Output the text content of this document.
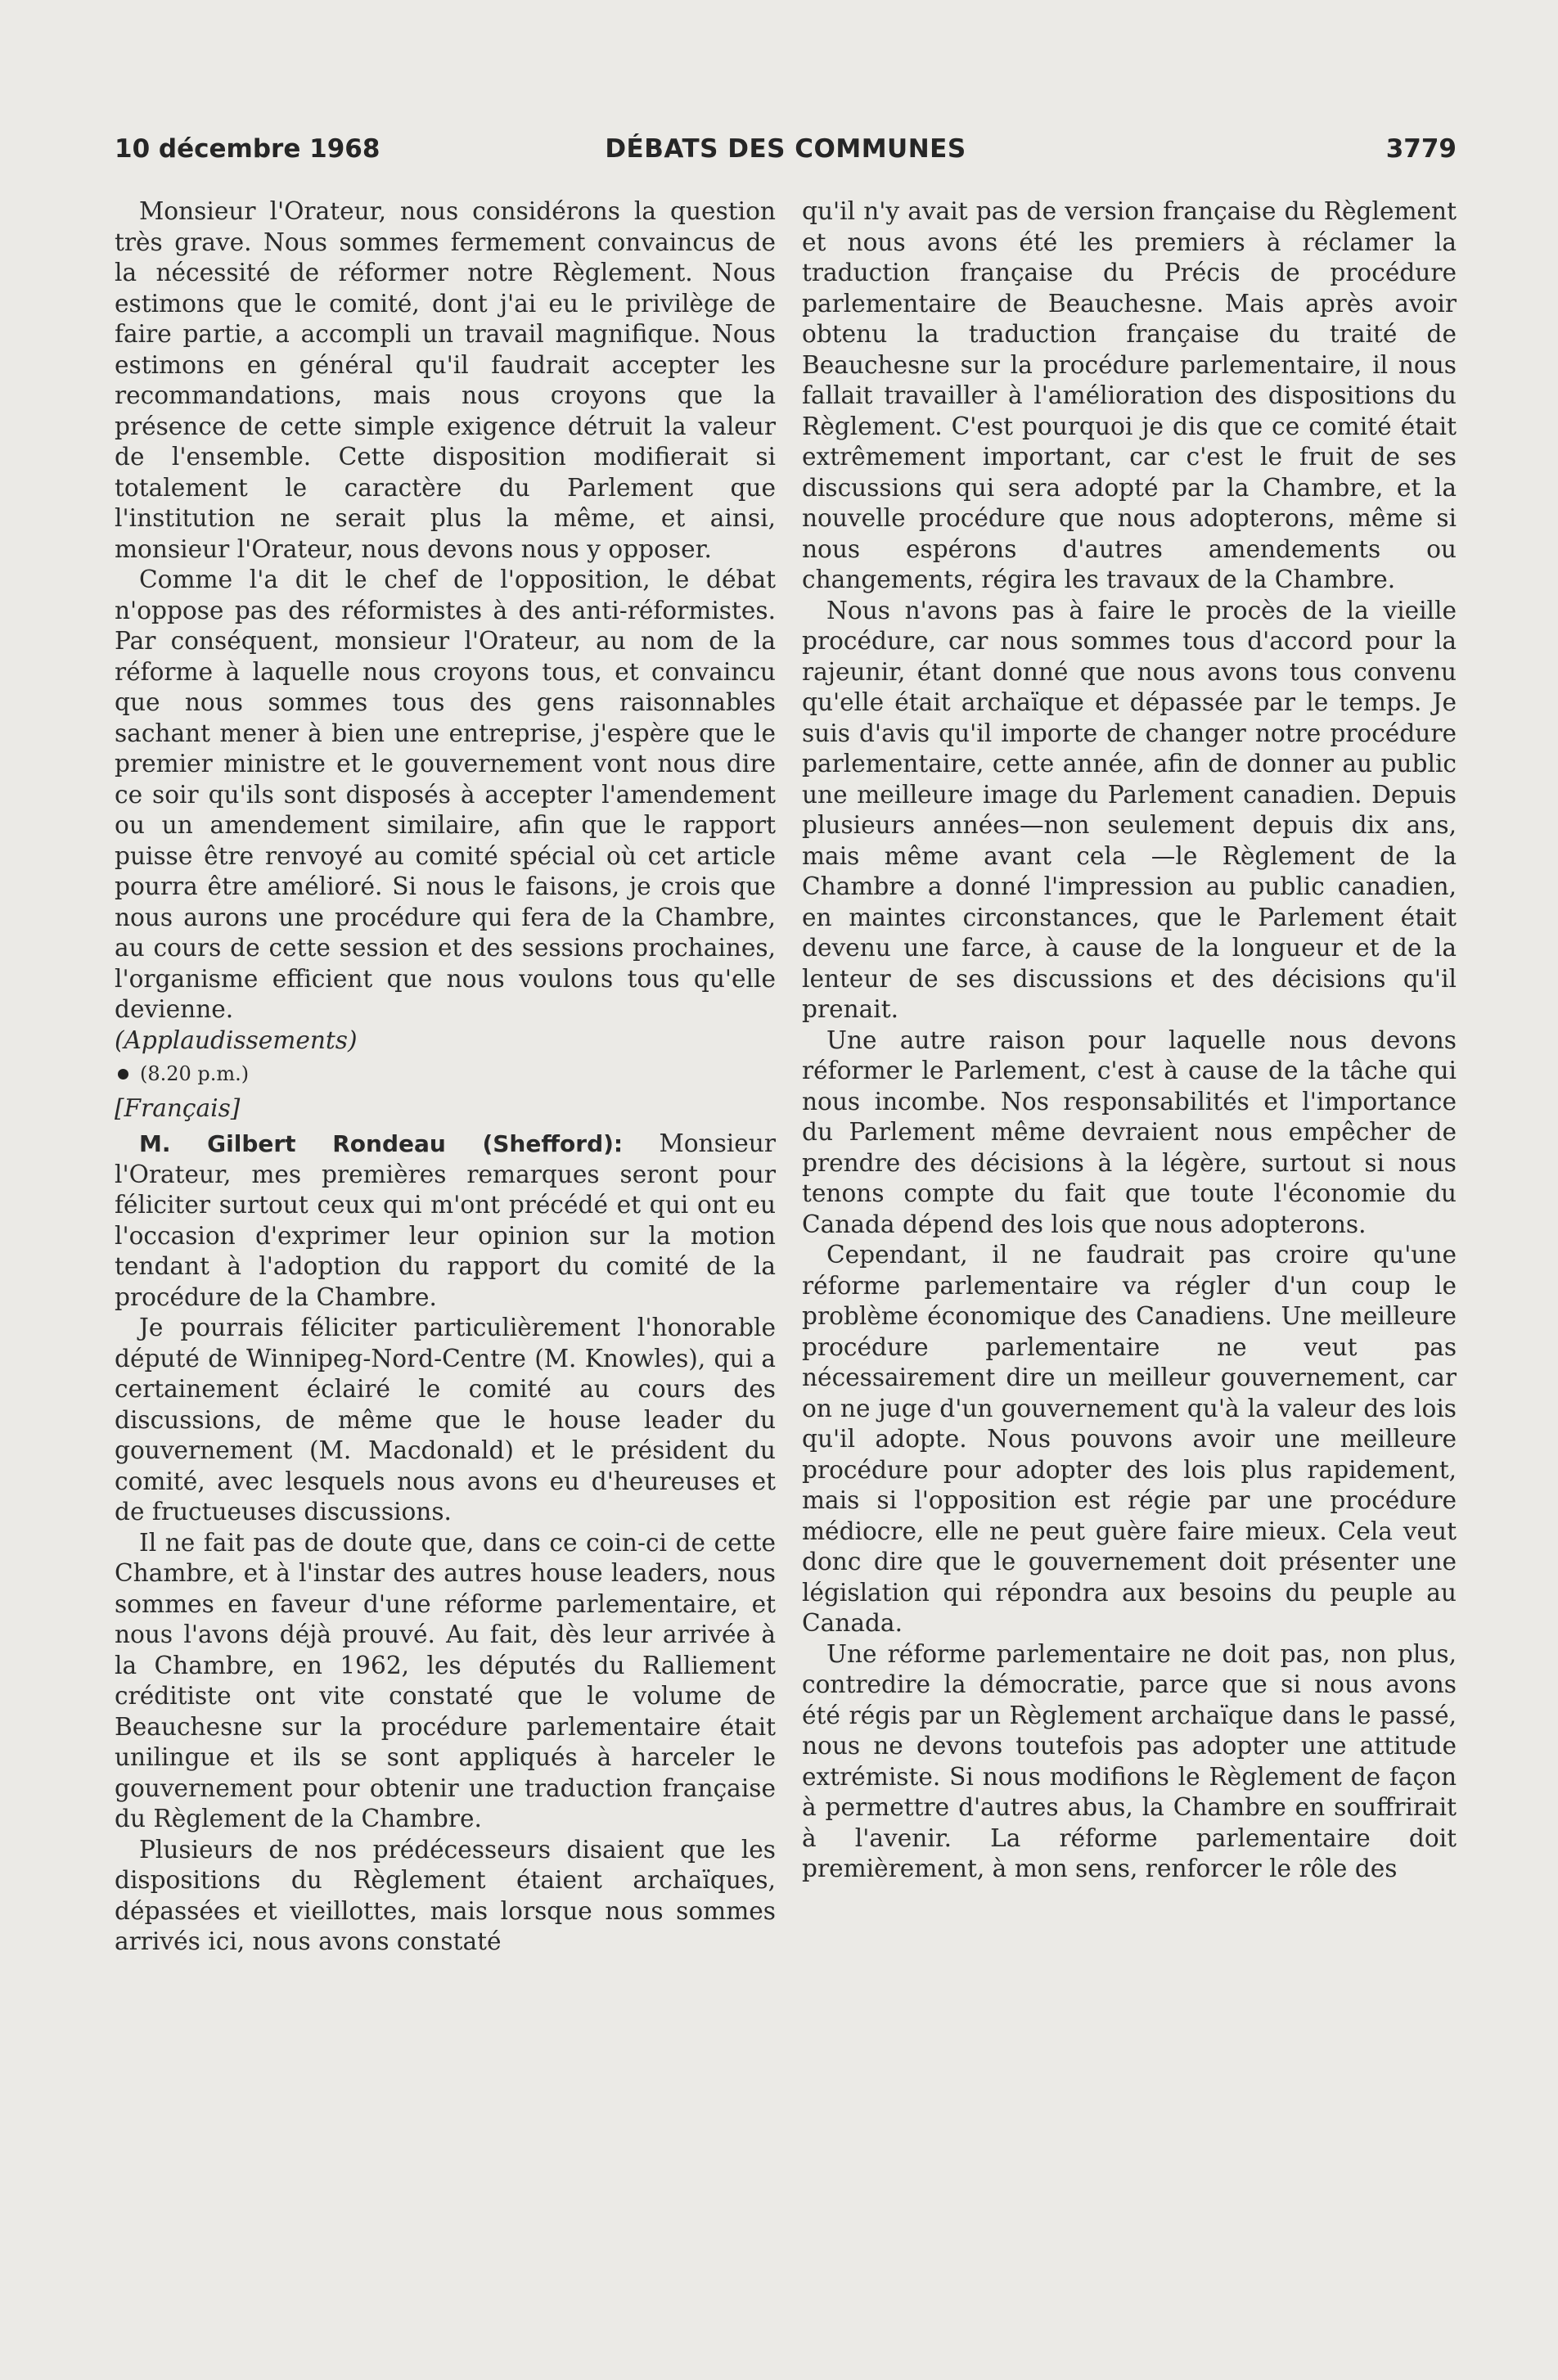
10 décembre 1968	DÉBATS DES COMMUNES	3779

Monsieur l'Orateur, nous considérons la question très grave. Nous sommes fermement convaincus de la nécessité de réformer notre Règlement. Nous estimons que le comité, dont j'ai eu le privilège de faire partie, a accompli un travail magnifique. Nous estimons en général qu'il faudrait accepter les recommandations, mais nous croyons que la présence de cette simple exigence détruit la valeur de l'ensemble. Cette disposition modifierait si totalement le caractère du Parlement que l'institution ne serait plus la même, et ainsi, monsieur l'Orateur, nous devons nous y opposer.

Comme l'a dit le chef de l'opposition, le débat n'oppose pas des réformistes à des anti-réformistes. Par conséquent, monsieur l'Orateur, au nom de la réforme à laquelle nous croyons tous, et convaincu que nous sommes tous des gens raisonnables sachant mener à bien une entreprise, j'espère que le premier ministre et le gouvernement vont nous dire ce soir qu'ils sont disposés à accepter l'amendement ou un amendement similaire, afin que le rapport puisse être renvoyé au comité spécial où cet article pourra être amélioré. Si nous le faisons, je crois que nous aurons une procédure qui fera de la Chambre, au cours de cette session et des sessions prochaines, l'organisme efficient que nous voulons tous qu'elle devienne.

(Applaudissements)

(8.20 p.m.)

[Français]

M. Gilbert Rondeau (Shefford): Monsieur l'Orateur, mes premières remarques seront pour féliciter surtout ceux qui m'ont précédé et qui ont eu l'occasion d'exprimer leur opinion sur la motion tendant à l'adoption du rapport du comité de la procédure de la Chambre.

Je pourrais féliciter particulièrement l'honorable député de Winnipeg-Nord-Centre (M. Knowles), qui a certainement éclairé le comité au cours des discussions, de même que le house leader du gouvernement (M. Macdonald) et le président du comité, avec lesquels nous avons eu d'heureuses et de fructueuses discussions.

Il ne fait pas de doute que, dans ce coin-ci de cette Chambre, et à l'instar des autres house leaders, nous sommes en faveur d'une réforme parlementaire, et nous l'avons déjà prouvé. Au fait, dès leur arrivée à la Chambre, en 1962, les députés du Ralliement créditiste ont vite constaté que le volume de Beauchesne sur la procédure parlementaire était unilingue et ils se sont appliqués à harceler le gouvernement pour obtenir une traduction française du Règlement de la Chambre.

Plusieurs de nos prédécesseurs disaient que les dispositions du Règlement étaient archaïques, dépassées et vieillottes, mais lorsque nous sommes arrivés ici, nous avons constaté

qu'il n'y avait pas de version française du Règlement et nous avons été les premiers à réclamer la traduction française du Précis de procédure parlementaire de Beauchesne. Mais après avoir obtenu la traduction française du traité de Beauchesne sur la procédure parlementaire, il nous fallait travailler à l'amélioration des dispositions du Règlement. C'est pourquoi je dis que ce comité était extrêmement important, car c'est le fruit de ses discussions qui sera adopté par la Chambre, et la nouvelle procédure que nous adopterons, même si nous espérons d'autres amendements ou changements, régira les travaux de la Chambre.

Nous n'avons pas à faire le procès de la vieille procédure, car nous sommes tous d'accord pour la rajeunir, étant donné que nous avons tous convenu qu'elle était archaïque et dépassée par le temps. Je suis d'avis qu'il importe de changer notre procédure parlementaire, cette année, afin de donner au public une meilleure image du Parlement canadien. Depuis plusieurs années—non seulement depuis dix ans, mais même avant cela —le Règlement de la Chambre a donné l'impression au public canadien, en maintes circonstances, que le Parlement était devenu une farce, à cause de la longueur et de la lenteur de ses discussions et des décisions qu'il prenait.

Une autre raison pour laquelle nous devons réformer le Parlement, c'est à cause de la tâche qui nous incombe. Nos responsabilités et l'importance du Parlement même devraient nous empêcher de prendre des décisions à la légère, surtout si nous tenons compte du fait que toute l'économie du Canada dépend des lois que nous adopterons.

Cependant, il ne faudrait pas croire qu'une réforme parlementaire va régler d'un coup le problème économique des Canadiens. Une meilleure procédure parlementaire ne veut pas nécessairement dire un meilleur gouvernement, car on ne juge d'un gouvernement qu'à la valeur des lois qu'il adopte. Nous pouvons avoir une meilleure procédure pour adopter des lois plus rapidement, mais si l'opposition est régie par une procédure médiocre, elle ne peut guère faire mieux. Cela veut donc dire que le gouvernement doit présenter une législation qui répondra aux besoins du peuple au Canada.

Une réforme parlementaire ne doit pas, non plus, contredire la démocratie, parce que si nous avons été régis par un Règlement archaïque dans le passé, nous ne devons toutefois pas adopter une attitude extrémiste. Si nous modifions le Règlement de façon à permettre d'autres abus, la Chambre en souffrirait à l'avenir. La réforme parlementaire doit premièrement, à mon sens, renforcer le rôle des
